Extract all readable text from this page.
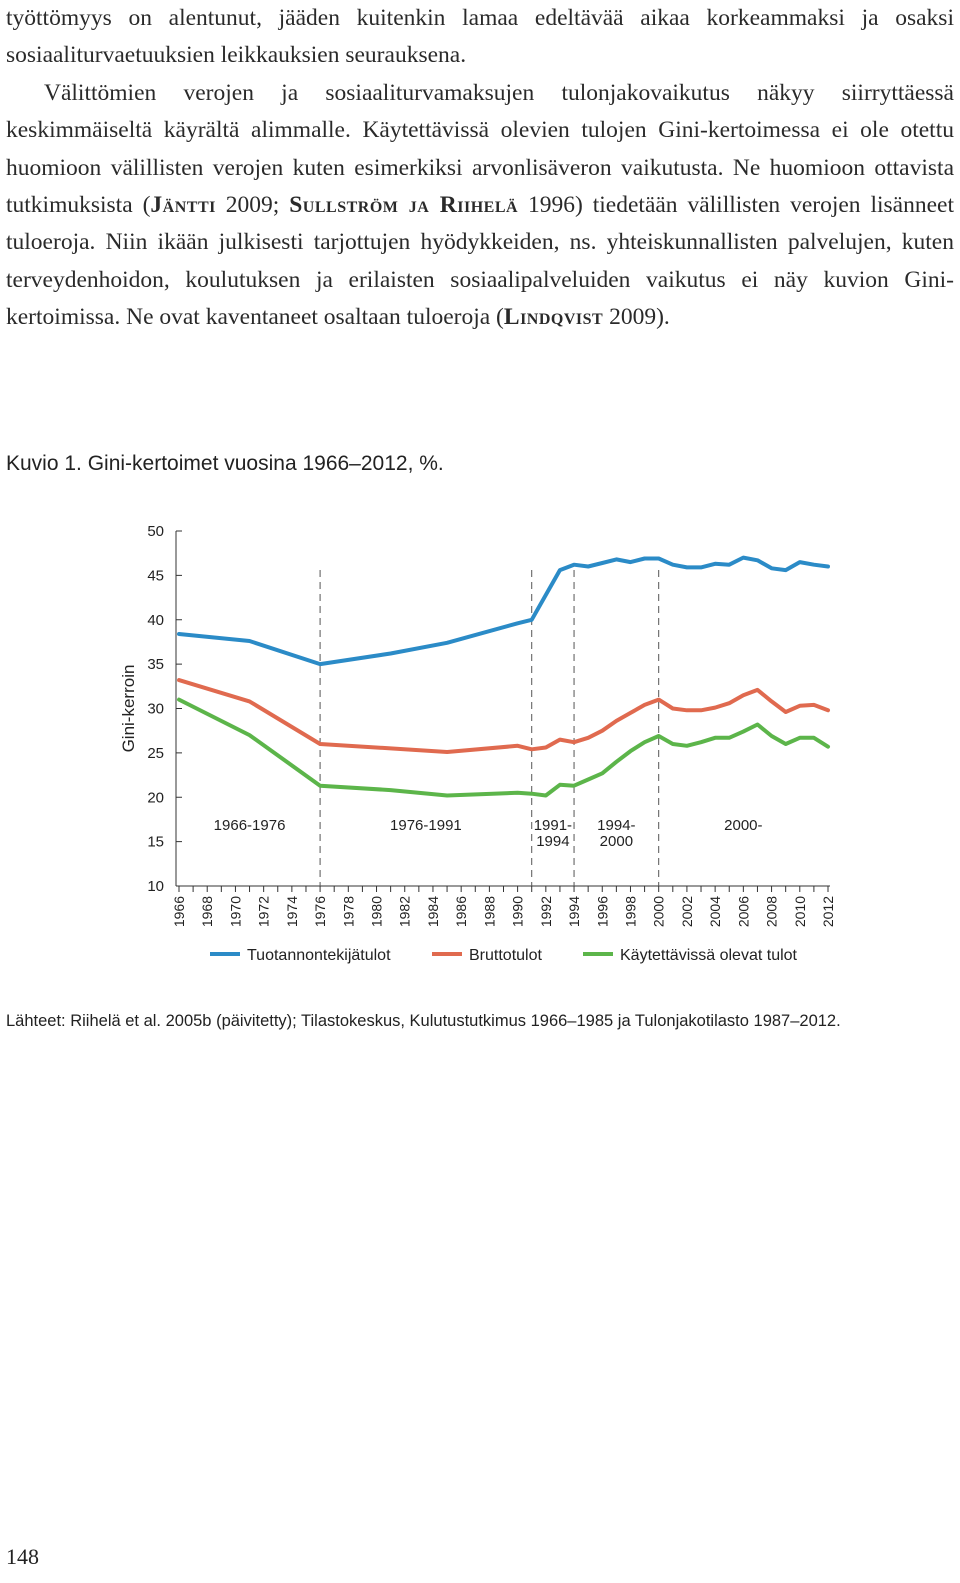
työttömyys on alentunut, jääden kuitenkin lamaa edeltävää aikaa korkeammaksi ja osaksi sosiaaliturvaetuuksien leikkauksien seurauksena.

Välittömien verojen ja sosiaaliturvamaksujen tulonjakovaikutus näkyy siirryttäessä keskimmäiseltä käyrältä alimmalle. Käytettävissä olevien tulojen Gini-kertoimessa ei ole otettu huomioon välillisten verojen kuten esimerkiksi arvonlisäveron vaikutusta. Ne huomioon ottavista tutkimuksista (Jäntti 2009; Sullström ja Riihelä 1996) tiedetään välillisten verojen lisänneet tuloeroja. Niin ikään julkisesti tarjottujen hyödykkeiden, ns. yhteiskunnallisten palvelujen, kuten terveydenhoidon, koulutuksen ja erilaisten sosiaalipalveluiden vaikutus ei näy kuvion Gini-kertoimissa. Ne ovat kaventaneet osaltaan tuloeroja (Lindqvist 2009).

Kuvio 1. Gini-kertoimet vuosina 1966–2012, %.
10
15
20
25
30
35
40
45
50
Gini-kerroin
1966 1968 1970 1972 1974 1976 1978 1980 1982 1984 1986 1988 1990 1992 1994 1996 1998 2000 2002 2004 2006 2008 2010 2012
1966-1976	1976-1991	1991-
1994
1994-
2000
2000-
Tuotannontekijätulot	Bruttotulot	Käytettävissä olevat tulot
Lähteet: Riihelä et al. 2005b (päivitetty); Tilastokeskus, Kulutustutkimus 1966–1985 ja Tulonjakotilasto 1987–2012.
148
